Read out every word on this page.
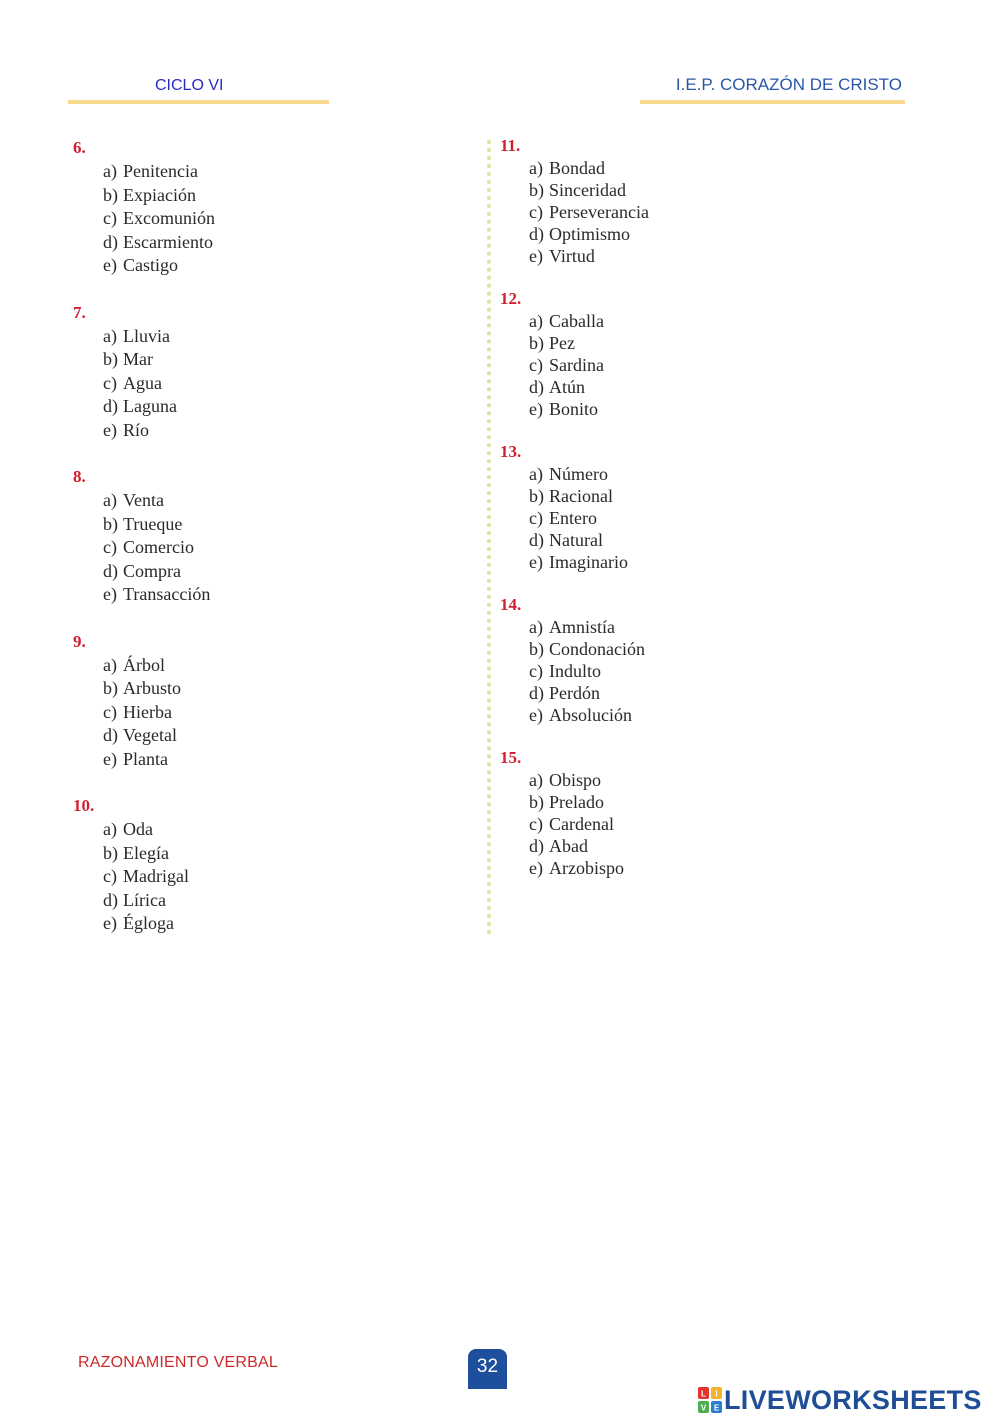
CICLO VI	I.E.P. CORAZÓN DE CRISTO
6.
a) Penitencia
b) Expiación
c) Excomunión
d) Escarmiento
e) Castigo
7.
a) Lluvia
b) Mar
c) Agua
d) Laguna
e) Río
8.
a) Venta
b) Trueque
c) Comercio
d) Compra
e) Transacción
9.
a) Árbol
b) Arbusto
c) Hierba
d) Vegetal
e) Planta
10.
a) Oda
b) Elegía
c) Madrigal
d) Lírica
e) Égloga
11.
a) Bondad
b) Sinceridad
c) Perseverancia
d) Optimismo
e) Virtud
12.
a) Caballa
b) Pez
c) Sardina
d) Atún
e) Bonito
13.
a) Número
b) Racional
c) Entero
d) Natural
e) Imaginario
14.
a) Amnistía
b) Condonación
c) Indulto
d) Perdón
e) Absolución
15.
a) Obispo
b) Prelado
c) Cardenal
d) Abad
e) Arzobispo
RAZONAMIENTO VERBAL	32
L I
V E LIVEWORKSHEETS
